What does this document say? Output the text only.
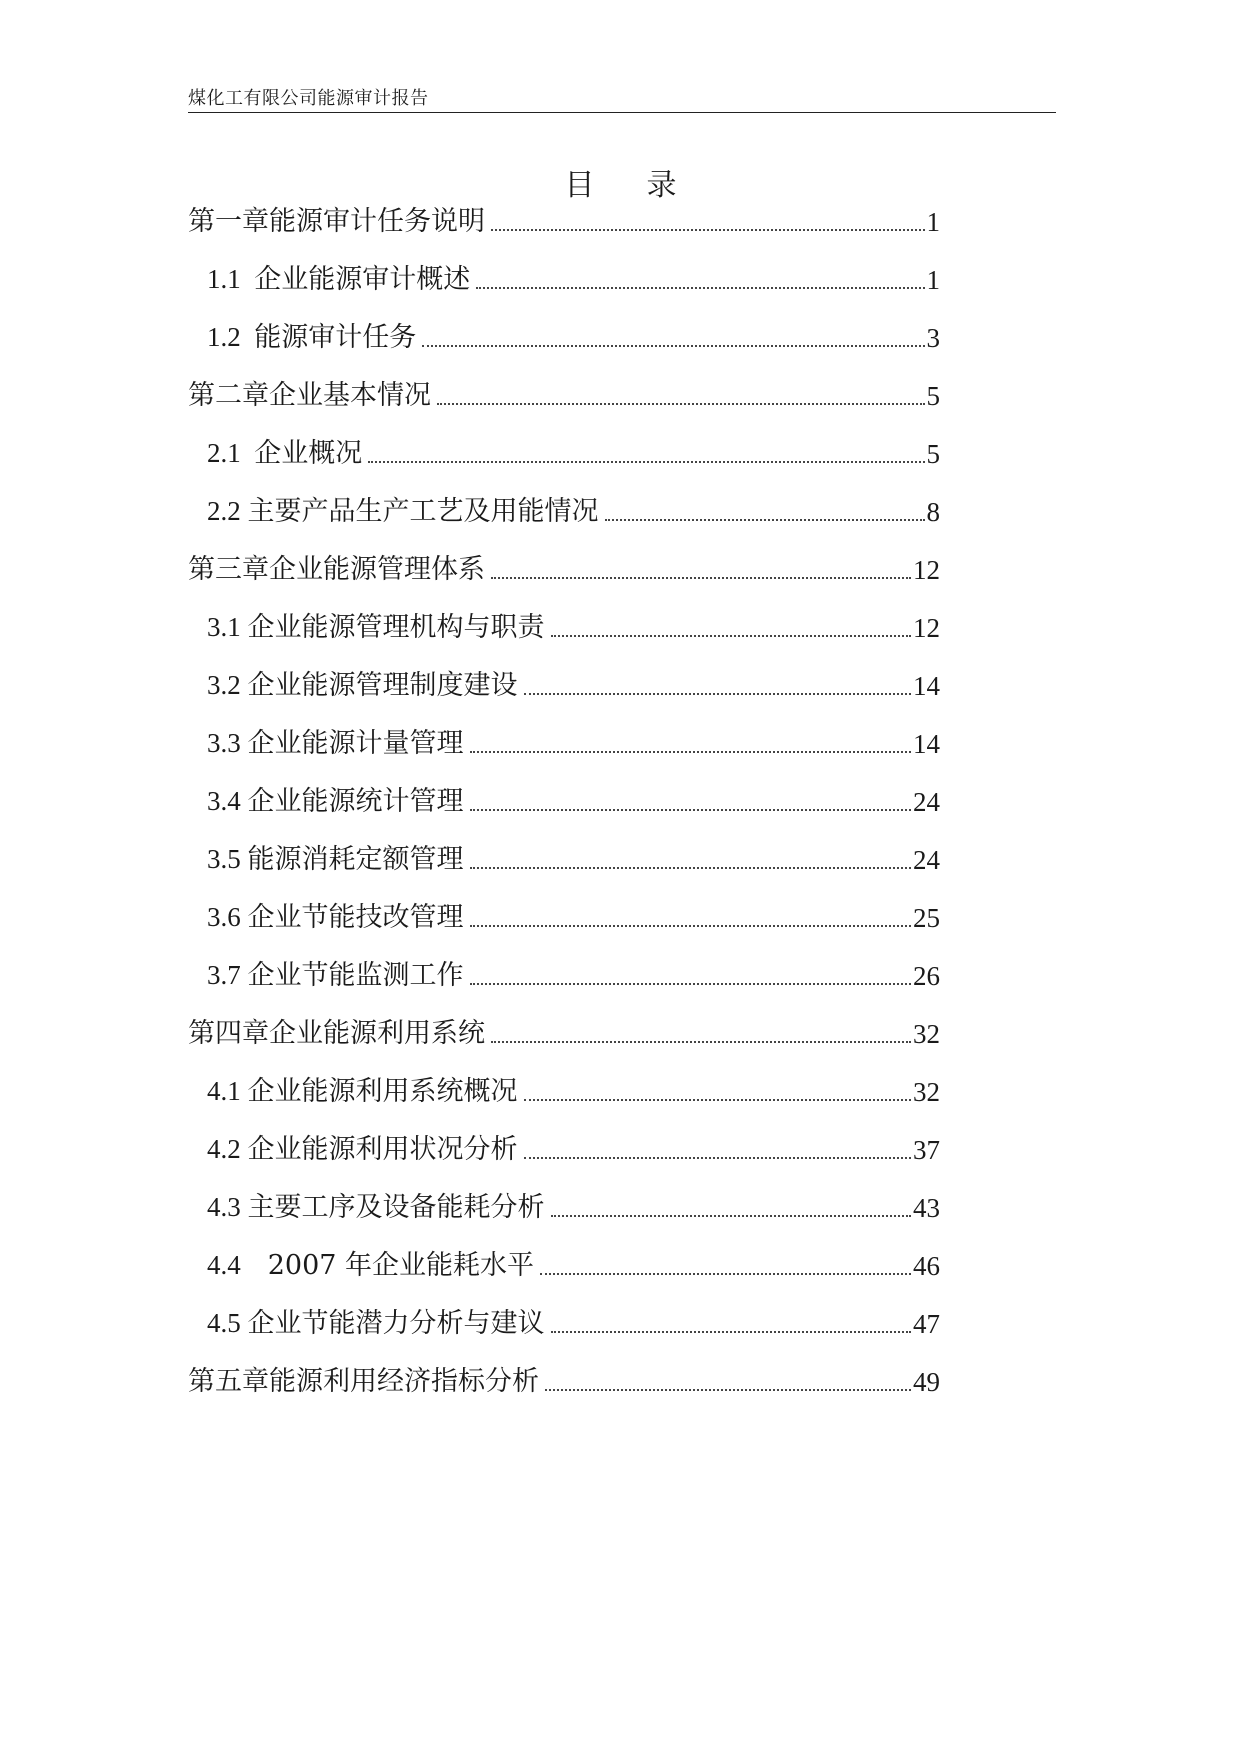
煤化工有限公司能源审计报告
目 录
第一章能源审计任务说明	1
1.1  企业能源审计概述	1
1.2  能源审计任务	3
第二章企业基本情况	5
2.1  企业概况	5
2.2 主要产品生产工艺及用能情况	8
第三章企业能源管理体系	12
3.1 企业能源管理机构与职责	12
3.2 企业能源管理制度建设	14
3.3 企业能源计量管理	14
3.4 企业能源统计管理	24
3.5 能源消耗定额管理	24
3.6 企业节能技改管理	25
3.7 企业节能监测工作	26
第四章企业能源利用系统	32
4.1 企业能源利用系统概况	32
4.2 企业能源利用状况分析	37
4.3 主要工序及设备能耗分析	43
4.4    2007 年企业能耗水平	46
4.5 企业节能潜力分析与建议	47
第五章能源利用经济指标分析	49
